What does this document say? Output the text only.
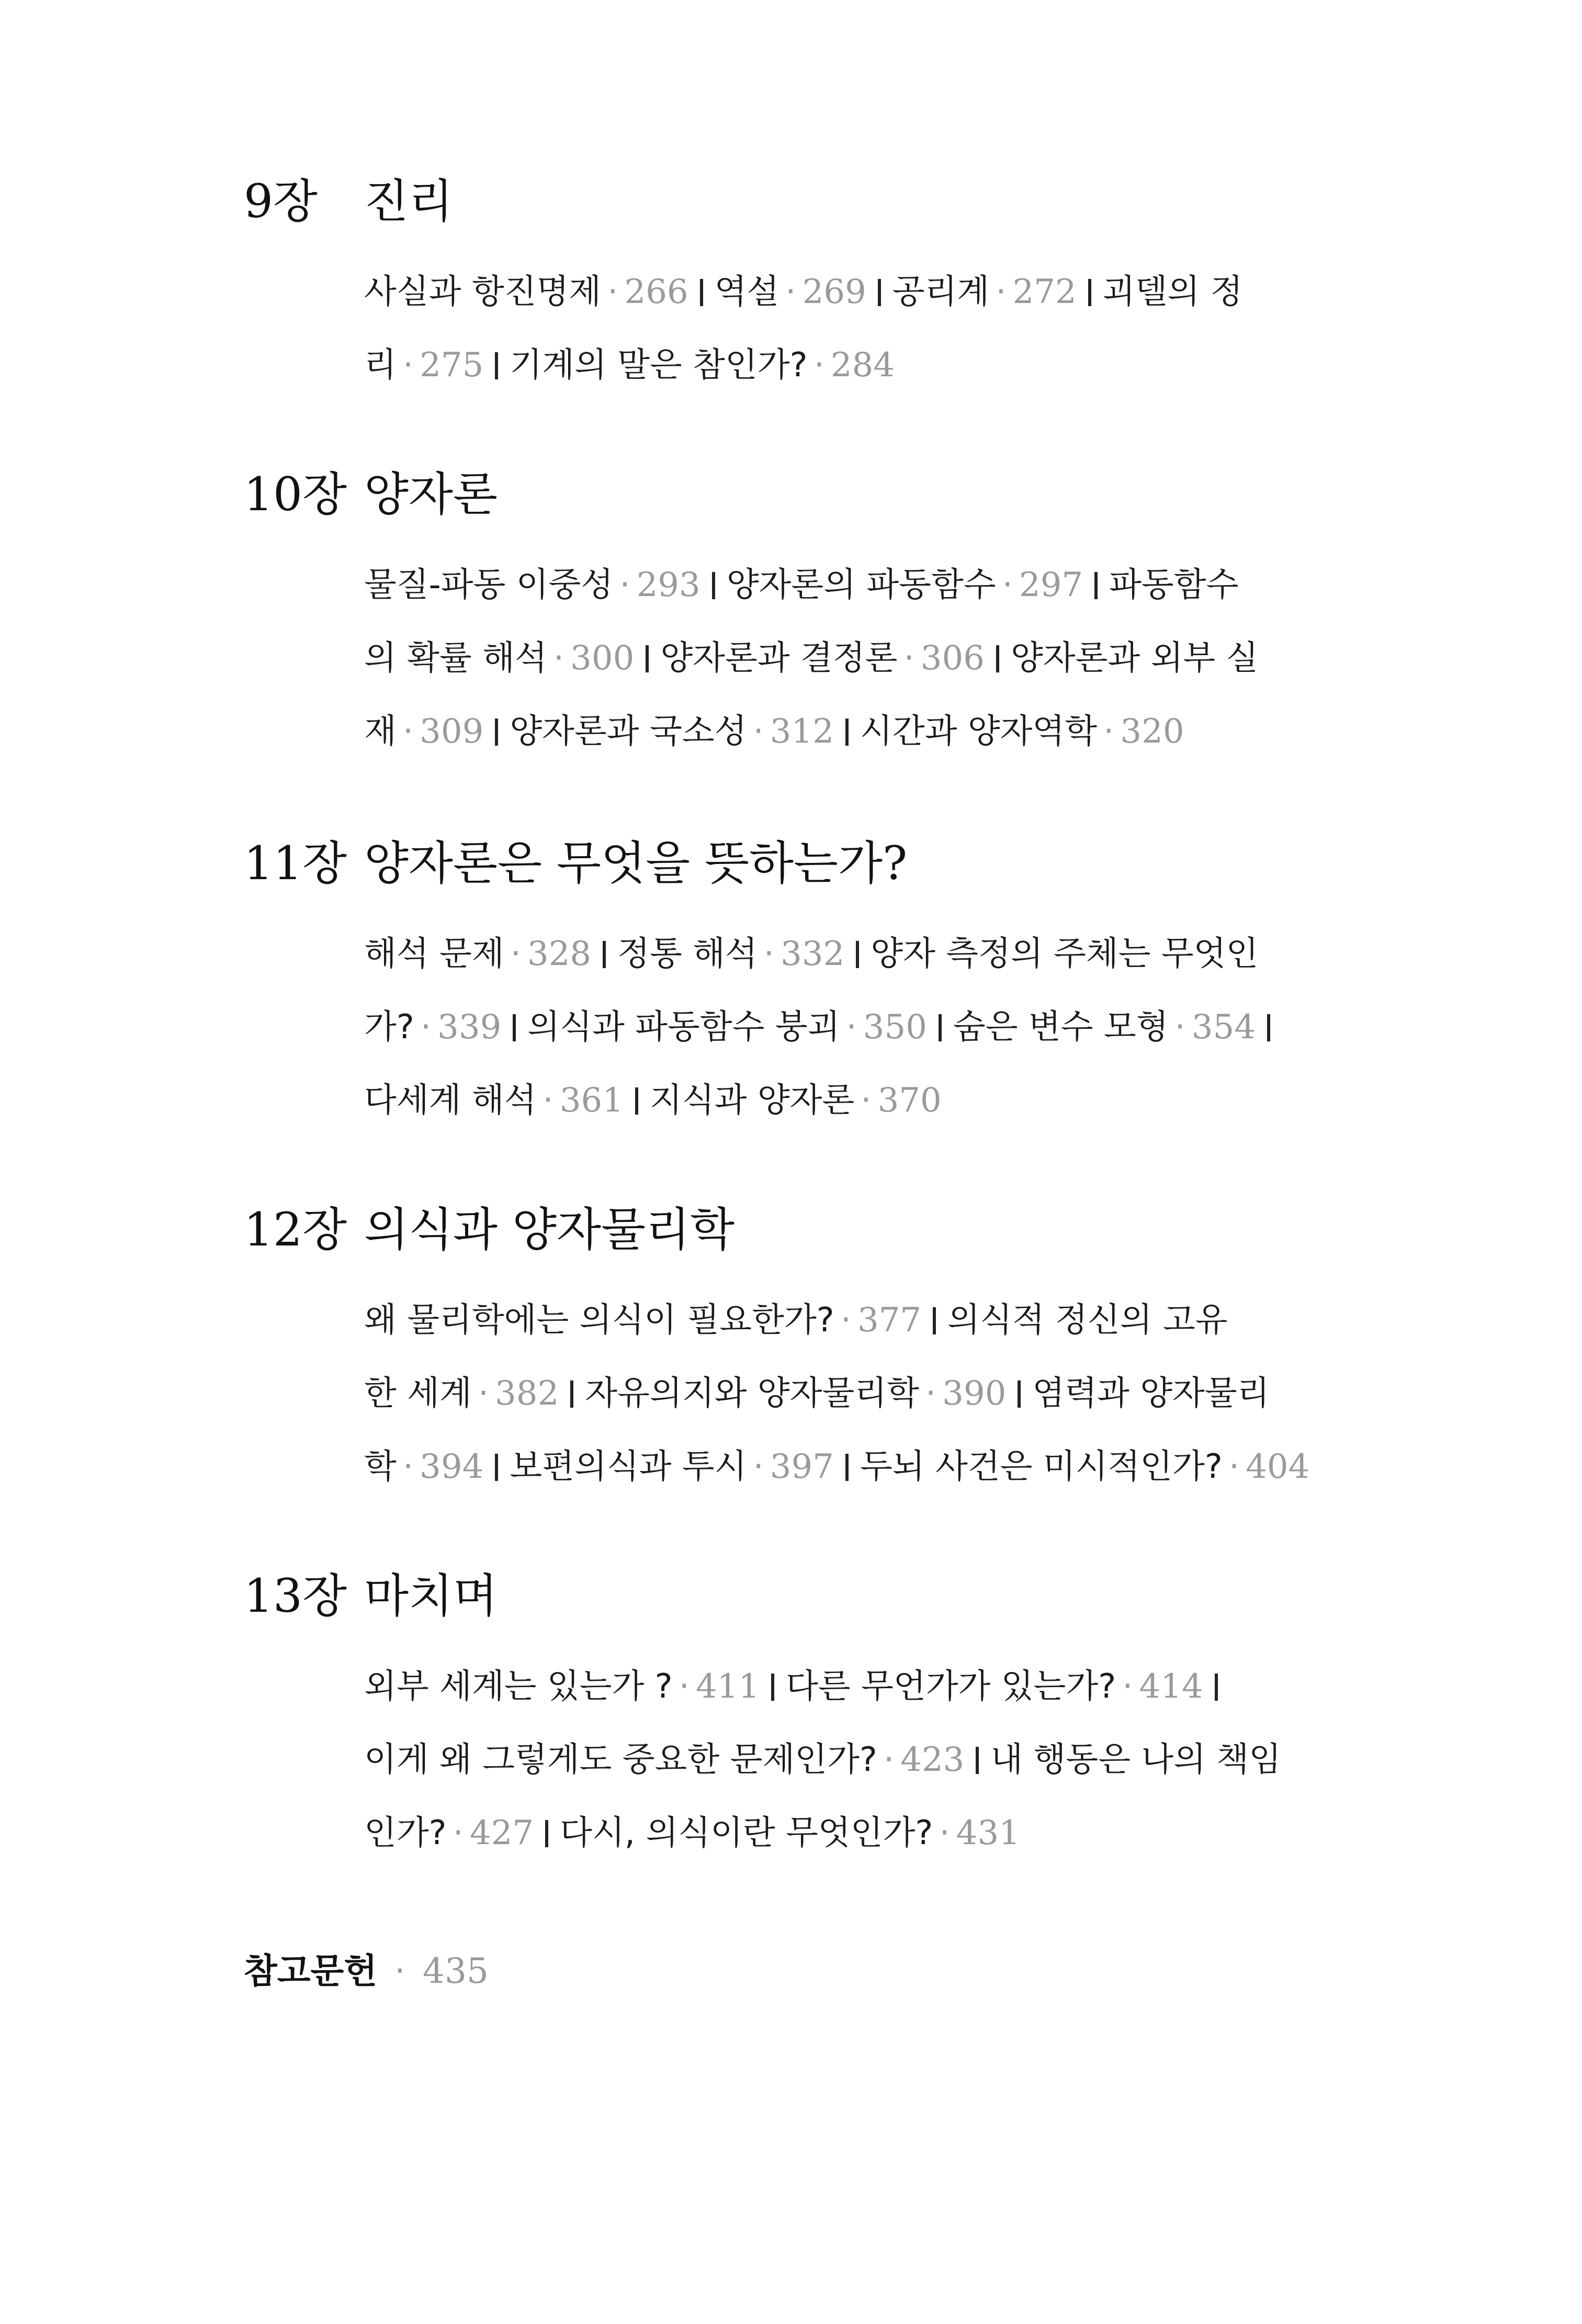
9장	진리
사실과 항진명제 · 266 역설 · 269 공리계 · 272 괴델의 정
리 · 275 기계의 말은 참인가? · 284
10장 양자론
물질-파동 이중성 · 293 양자론의 파동함수 · 297 파동함수
의 확률 해석 · 300 양자론과 결정론 · 306 양자론과 외부 실
재 · 309 양자론과 국소성 · 312 시간과 양자역학 · 320
11장 양자론은 무엇을 뜻하는가?
해석 문제 · 328 정통 해석 · 332 양자 측정의 주체는 무엇인
가? · 339 의식과 파동함수 붕괴 · 350 숨은 변수 모형 · 354
다세계 해석 · 361 지식과 양자론 · 370
12장 의식과 양자물리학
왜 물리학에는 의식이 필요한가? · 377 의식적 정신의 고유
한 세계 · 382 자유의지와 양자물리학 · 390 염력과 양자물리
학 · 394 보편의식과 투시 · 397 두뇌 사건은 미시적인가? · 404
13장 마치며
외부 세계는 있는가 ? · 411 다른 무언가가 있는가? · 414
이게 왜 그렇게도 중요한 문제인가? · 423 내 행동은 나의 책임
인가? · 427 다시, 의식이란 무엇인가? · 431
참고문헌 · 435
